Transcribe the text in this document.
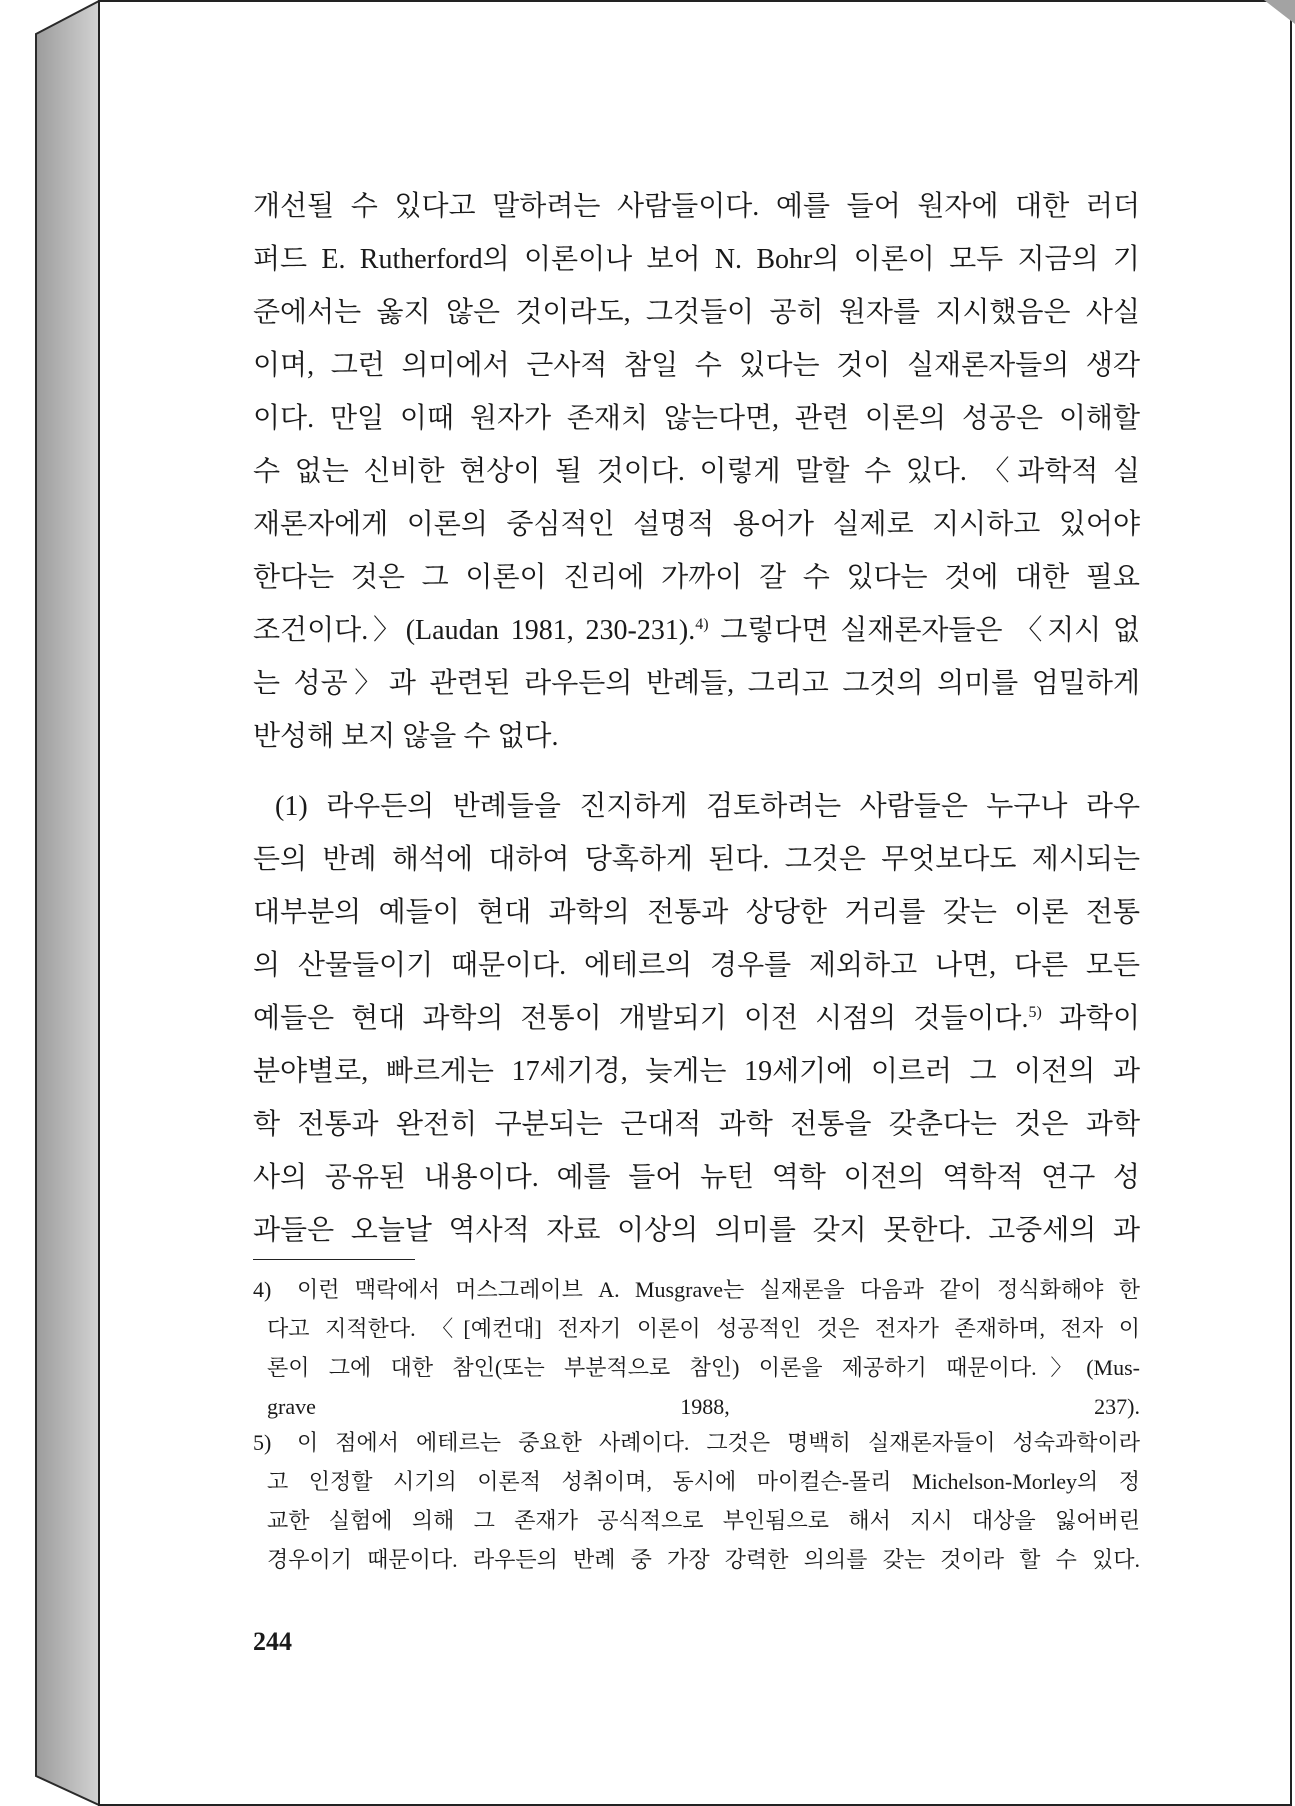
개선될 수 있다고 말하려는 사람들이다. 예를 들어 원자에 대한 러더
퍼드 E. Rutherford의 이론이나 보어 N. Bohr의 이론이 모두 지금의 기
준에서는 옳지 않은 것이라도, 그것들이 공히 원자를 지시했음은 사실
이며, 그런 의미에서 근사적 참일 수 있다는 것이 실재론자들의 생각
이다. 만일 이때 원자가 존재치 않는다면, 관련 이론의 성공은 이해할
수 없는 신비한 현상이 될 것이다. 이렇게 말할 수 있다. 〈과학적 실
재론자에게 이론의 중심적인 설명적 용어가 실제로 지시하고 있어야
한다는 것은 그 이론이 진리에 가까이 갈 수 있다는 것에 대한 필요
조건이다.〉(Laudan 1981, 230-231).$^{4)}$ 그렇다면 실재론자들은 〈지시 없
는 성공〉과 관련된 라우든의 반례들, 그리고 그것의 의미를 엄밀하게
반성해 보지 않을 수 없다.
(1) 라우든의 반례들을 진지하게 검토하려는 사람들은 누구나 라우
든의 반례 해석에 대하여 당혹하게 된다. 그것은 무엇보다도 제시되는
대부분의 예들이 현대 과학의 전통과 상당한 거리를 갖는 이론 전통
의 산물들이기 때문이다. 에테르의 경우를 제외하고 나면, 다른 모든
예들은 현대 과학의 전통이 개발되기 이전 시점의 것들이다.$^{5)}$ 과학이
분야별로, 빠르게는 17세기경, 늦게는 19세기에 이르러 그 이전의 과
학 전통과 완전히 구분되는 근대적 과학 전통을 갖춘다는 것은 과학
사의 공유된 내용이다. 예를 들어 뉴턴 역학 이전의 역학적 연구 성
과들은 오늘날 역사적 자료 이상의 의미를 갖지 못한다. 고중세의 과
4) 이런 맥락에서 머스그레이브 A. Musgrave는 실재론을 다음과 같이 정식화해야 한
다고 지적한다. 〈[예컨대] 전자기 이론이 성공적인 것은 전자가 존재하며, 전자 이
론이 그에 대한 참인(또는 부분적으로 참인) 이론을 제공하기 때문이다.〉(Mus-
grave 1988, 237).
5) 이 점에서 에테르는 중요한 사례이다. 그것은 명백히 실재론자들이 성숙과학이라
고 인정할 시기의 이론적 성취이며, 동시에 마이컬슨-몰리 Michelson-Morley의 정
교한 실험에 의해 그 존재가 공식적으로 부인됨으로 해서 지시 대상을 잃어버린
경우이기 때문이다. 라우든의 반례 중 가장 강력한 의의를 갖는 것이라 할 수 있다.
244
